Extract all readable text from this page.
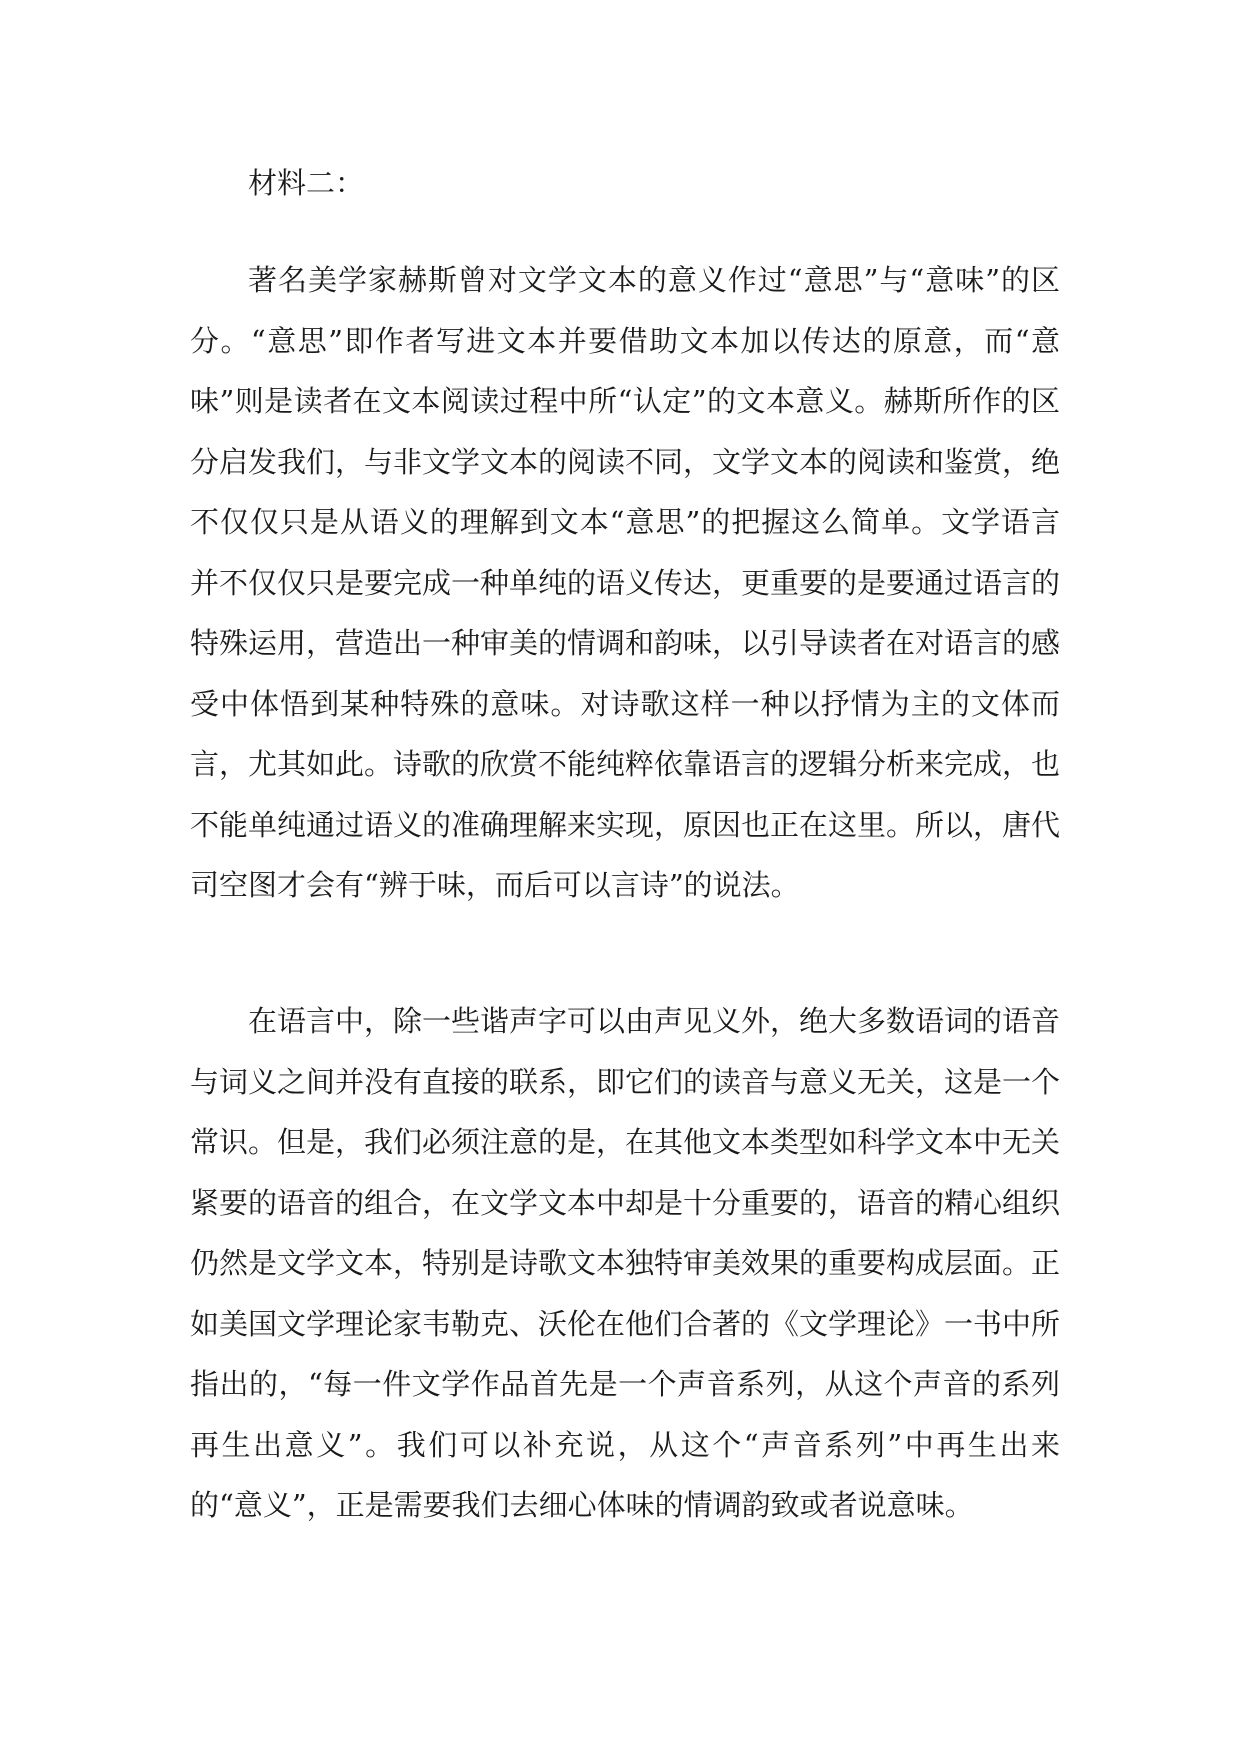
材料二：

著名美学家赫斯曾对文学文本的意义作过“意思”与“意味”的区分。“意思”即作者写进文本并要借助文本加以传达的原意，而“意味”则是读者在文本阅读过程中所“认定”的文本意义。赫斯所作的区分启发我们，与非文学文本的阅读不同，文学文本的阅读和鉴赏，绝不仅仅只是从语义的理解到文本“意思”的把握这么简单。文学语言并不仅仅只是要完成一种单纯的语义传达，更重要的是要通过语言的特殊运用，营造出一种审美的情调和韵味，以引导读者在对语言的感受中体悟到某种特殊的意味。对诗歌这样一种以抒情为主的文体而言，尤其如此。诗歌的欣赏不能纯粹依靠语言的逻辑分析来完成，也不能单纯通过语义的准确理解来实现，原因也正在这里。所以，唐代司空图才会有“辨于味，而后可以言诗”的说法。

在语言中，除一些谐声字可以由声见义外，绝大多数语词的语音与词义之间并没有直接的联系，即它们的读音与意义无关，这是一个常识。但是，我们必须注意的是，在其他文本类型如科学文本中无关紧要的语音的组合，在文学文本中却是十分重要的，语音的精心组织仍然是文学文本，特别是诗歌文本独特审美效果的重要构成层面。正如美国文学理论家韦勒克、沃伦在他们合著的《文学理论》一书中所指出的，“每一件文学作品首先是一个声音系列，从这个声音的系列再生出意义”。我们可以补充说，从这个“声音系列”中再生出来的“意义”，正是需要我们去细心体味的情调韵致或者说意味。
